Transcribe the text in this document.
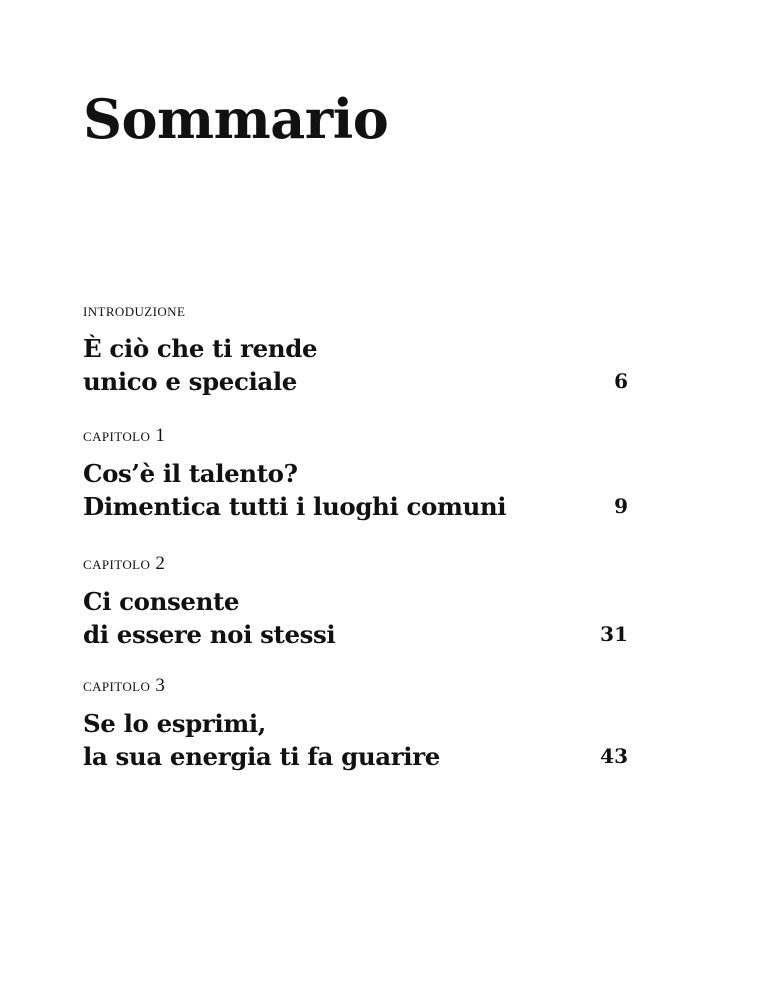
Sommario

introduzione

È ciò che ti rende
unico e speciale	6

capitolo 1

Cos’è il talento?
Dimentica tutti i luoghi comuni	9

capitolo 2

Ci consente
di essere noi stessi	31

capitolo 3

Se lo esprimi,
la sua energia ti fa guarire	43
